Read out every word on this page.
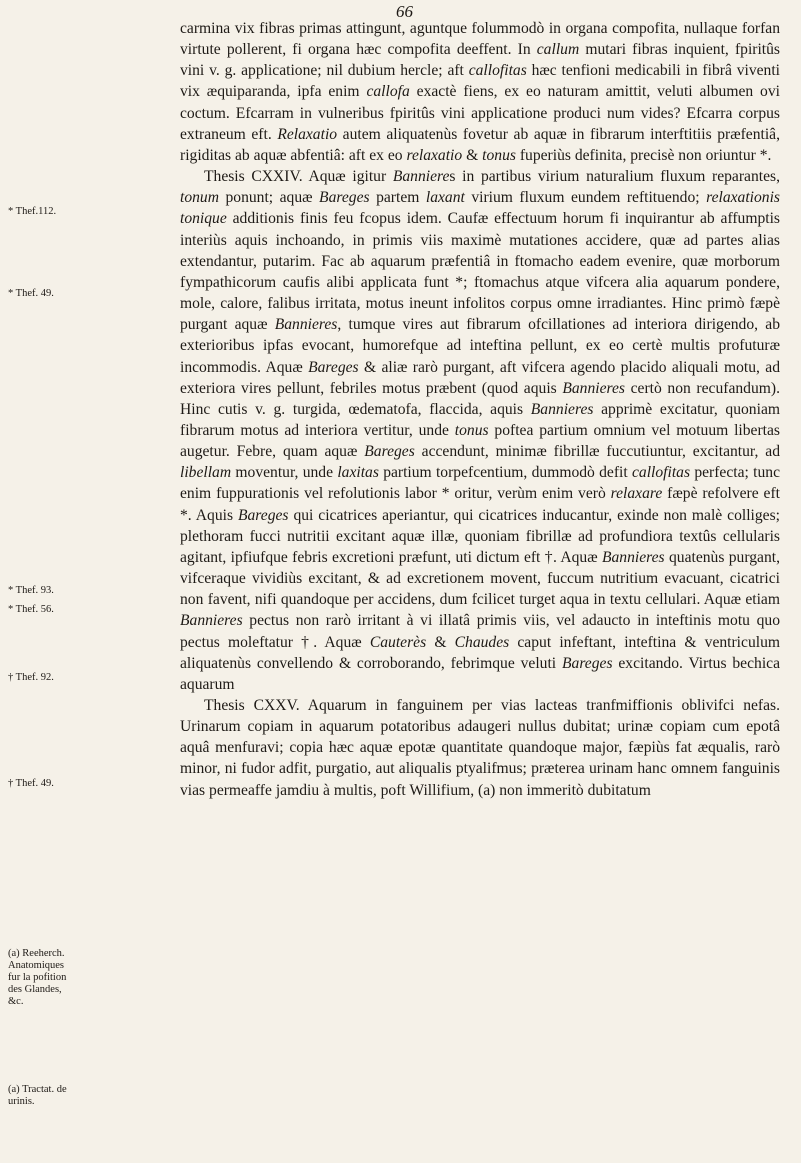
66
* Thef.112.
* Thef. 49.
* Thef. 93.
* Thef. 56.
† Thef. 92.
† Thef. 49.
(a) Reeherch. Anatomiques fur la pofition des Glandes, &c.
(a) Tractat. de urinis.

carmina vix fibras primas attingunt, aguntque folummodò in organa compofita, nullaque forfan virtute pollerent, fi organa hæc compofita deeffent. In callum mutari fibras inquient, fpiritûs vini v. g. applicatione; nil dubium hercle; aft callofitas hæc tenfioni medicabili in fibrâ viventi vix æquiparanda, ipfa enim callofa exactè fiens, ex eo naturam amittit, veluti albumen ovi coctum. Efcarram in vulneribus fpiritûs vini applicatione produci num vides? Efcarra corpus extraneum eft. Relaxatio autem aliquatenùs fovetur ab aquæ in fibrarum interftitiis præfentiâ, rigiditas ab aquæ abfentiâ: aft ex eo relaxatio & tonus fuperiùs definita, precisè non oriuntur *.

Thesis CXXIV. Aquæ igitur Bannieres in partibus virium naturalium fluxum reparantes, tonum ponunt; aquæ Bareges partem laxant virium fluxum eundem reftituendo; relaxationis tonique additionis finis feu fcopus idem. Caufæ effectuum horum fi inquirantur ab affumptis interiùs aquis inchoando, in primis viis maximè mutationes accidere, quæ ad partes alias extendantur, putarim. Fac ab aquarum præfentiâ in ftomacho eadem evenire, quæ morborum fympathicorum caufis alibi applicata funt *; ftomachus atque vifcera alia aquarum pondere, mole, calore, falibus irritata, motus ineunt infolitos corpus omne irradiantes. Hinc primò fæpè purgant aquæ Bannieres, tumque vires aut fibrarum ofcillationes ad interiora dirigendo, ab exterioribus ipfas evocant, humorefque ad inteftina pellunt, ex eo certè multis profuturæ incommodis. Aquæ Bareges & aliæ rarò purgant, aft vifcera agendo placido aliquali motu, ad exteriora vires pellunt, febriles motus præbent (quod aquis Bannieres certò non recufandum). Hinc cutis v. g. turgida, œdematofa, flaccida, aquis Bannieres apprimè excitatur, quoniam fibrarum motus ad interiora vertitur, unde tonus poftea partium omnium vel motuum libertas augetur. Febre, quam aquæ Bareges accendunt, minimæ fibrillæ fuccutiuntur, excitantur, ad libellam moventur, unde laxitas partium torpefcentium, dummodò defit callofitas perfecta; tunc enim fuppurationis vel refolutionis labor * oritur, verùm enim verò relaxare fæpè refolvere eft *. Aquis Bareges qui cicatrices aperiantur, qui cicatrices inducantur, exinde non malè colliges; plethoram fucci nutritii excitant aquæ illæ, quoniam fibrillæ ad profundiora textûs cellularis agitant, ipfiufque febris excretioni præfunt, uti dictum eft †. Aquæ Bannieres quatenùs purgant, vifceraque vividiùs excitant, & ad excretionem movent, fuccum nutritium evacuant, cicatrici non favent, nifi quandoque per accidens, dum fcilicet turget aqua in textu cellulari. Aquæ etiam Bannieres pectus non rarò irritant à vi illatâ primis viis, vel adaucto in inteftinis motu quo pectus moleftatur †. Aquæ Cauterès & Chaudes caput infeftant, inteftina & ventriculum aliquatenùs convellendo & corroborando, febrimque veluti Bareges excitando. Virtus bechica aquarum

Thesis CXXV. Aquarum in fanguinem per vias lacteas tranfmiffionis oblivifci nefas. Urinarum copiam in aquarum potatoribus adaugeri nullus dubitat; urinæ copiam cum epotâ aquâ menfuravi; copia hæc aquæ epotæ quantitate quandoque major, fæpiùs fat æqualis, rarò minor, ni fudor adfit, purgatio, aut aliqualis ptyalifmus; præterea urinam hanc omnem fanguinis vias permeaffe jamdiu à multis, poft Willifium, (a) non immeritò dubitatum
